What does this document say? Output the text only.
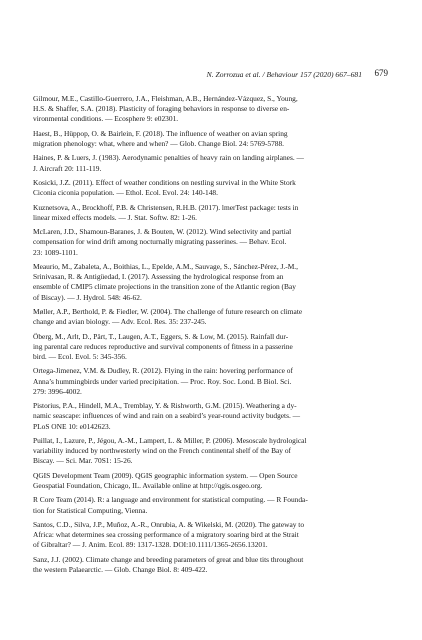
N. Zorrozua et al. / Behaviour 157 (2020) 667–681	679
Gilmour, M.E., Castillo-Guerrero, J.A., Fleishman, A.B., Hernández-Vázquez, S., Young,
H.S. & Shaffer, S.A. (2018). Plasticity of foraging behaviors in response to diverse en-
vironmental conditions. — Ecosphere 9: e02301.
Haest, B., Hüppop, O. & Bairlein, F. (2018). The influence of weather on avian spring
migration phenology: what, where and when? — Glob. Change Biol. 24: 5769-5788.
Haines, P. & Luers, J. (1983). Aerodynamic penalties of heavy rain on landing airplanes. —
J. Aircraft 20: 111-119.
Kosicki, J.Z. (2011). Effect of weather conditions on nestling survival in the White Stork
Ciconia ciconia population. — Ethol. Ecol. Evol. 24: 140-148.
Kuznetsova, A., Brockhoff, P.B. & Christensen, R.H.B. (2017). lmerTest package: tests in
linear mixed effects models. — J. Stat. Softw. 82: 1-26.
McLaren, J.D., Shamoun-Baranes, J. & Bouten, W. (2012). Wind selectivity and partial
compensation for wind drift among nocturnally migrating passerines. — Behav. Ecol.
23: 1089-1101.
Meaurio, M., Zabaleta, A., Boithias, L., Epelde, A.M., Sauvage, S., Sánchez-Pérez, J.-M.,
Srinivasan, R. & Antigüedad, I. (2017). Assessing the hydrological response from an
ensemble of CMIP5 climate projections in the transition zone of the Atlantic region (Bay
of Biscay). — J. Hydrol. 548: 46-62.
Møller, A.P., Berthold, P. & Fiedler, W. (2004). The challenge of future research on climate
change and avian biology. — Adv. Ecol. Res. 35: 237-245.
Öberg, M., Arlt, D., Pärt, T., Laugen, A.T., Eggers, S. & Low, M. (2015). Rainfall dur-
ing parental care reduces reproductive and survival components of fitness in a passerine
bird. — Ecol. Evol. 5: 345-356.
Ortega-Jimenez, V.M. & Dudley, R. (2012). Flying in the rain: hovering performance of
Anna’s hummingbirds under varied precipitation. — Proc. Roy. Soc. Lond. B Biol. Sci.
279: 3996-4002.
Pistorius, P.A., Hindell, M.A., Tremblay, Y. & Rishworth, G.M. (2015). Weathering a dy-
namic seascape: influences of wind and rain on a seabird’s year-round activity budgets. —
PLoS ONE 10: e0142623.
Puillat, I., Lazure, P., Jégou, A.-M., Lampert, L. & Miller, P. (2006). Mesoscale hydrological
variability induced by northwesterly wind on the French continental shelf of the Bay of
Biscay. — Sci. Mar. 70S1: 15-26.
QGIS Development Team (2009). QGIS geographic information system. — Open Source
Geospatial Foundation, Chicago, IL. Available online at http://qgis.osgeo.org.
R Core Team (2014). R: a language and environment for statistical computing. — R Founda-
tion for Statistical Computing, Vienna.
Santos, C.D., Silva, J.P., Muñoz, A.-R., Onrubia, A. & Wikelski, M. (2020). The gateway to
Africa: what determines sea crossing performance of a migratory soaring bird at the Strait
of Gibraltar? — J. Anim. Ecol. 89: 1317-1328. DOI:10.1111/1365-2656.13201.
Sanz, J.J. (2002). Climate change and breeding parameters of great and blue tits throughout
the western Palaearctic. — Glob. Change Biol. 8: 409-422.
